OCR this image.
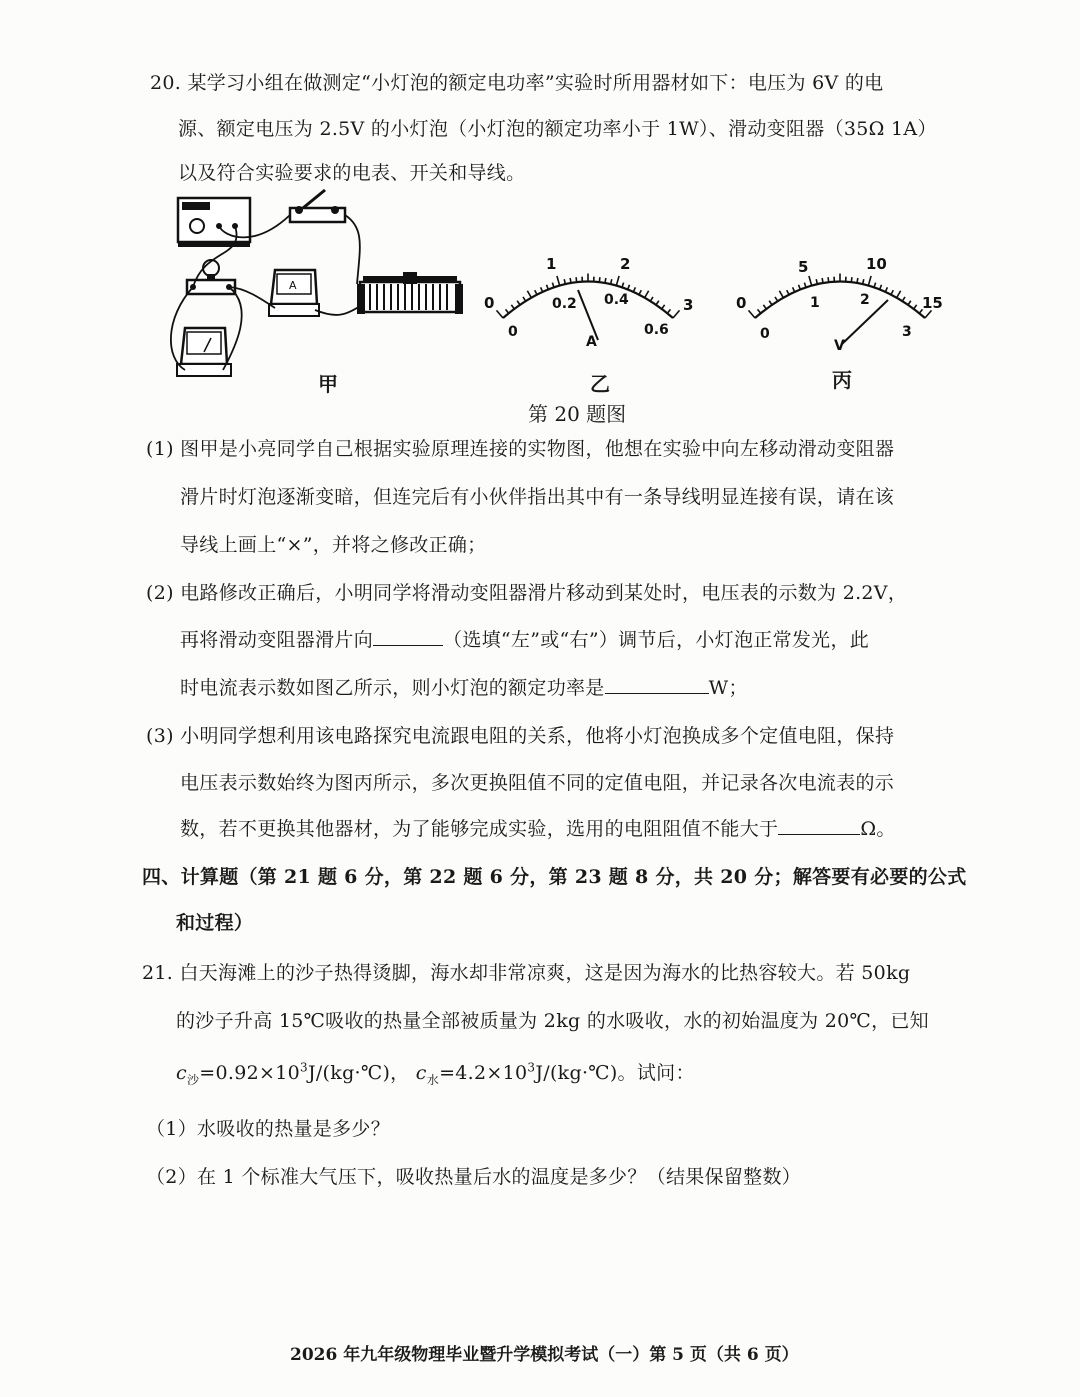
20. 某学习小组在做测定“小灯泡的额定电功率”实验时所用器材如下：电压为 6V 的电
源、额定电压为 2.5V 的小灯泡（小灯泡的额定功率小于 1W）、滑动变阻器（35Ω 1A）
以及符合实验要求的电表、开关和导线。
A
甲
0
1	2
3
0
0.2 0.4
0.6
A
乙
0
5	10
15
0
1	2
3
V
丙
第 20 题图
(1) 图甲是小亮同学自己根据实验原理连接的实物图，他想在实验中向左移动滑动变阻器
滑片时灯泡逐渐变暗，但连完后有小伙伴指出其中有一条导线明显连接有误，请在该
导线上画上“×”，并将之修改正确；
(2) 电路修改正确后，小明同学将滑动变阻器滑片移动到某处时，电压表的示数为 2.2V，
再将滑动变阻器滑片向	（选填“左”或“右”）调节后，小灯泡正常发光，此
时电流表示数如图乙所示，则小灯泡的额定功率是	W；
(3) 小明同学想利用该电路探究电流跟电阻的关系，他将小灯泡换成多个定值电阻，保持
电压表示数始终为图丙所示，多次更换阻值不同的定值电阻，并记录各次电流表的示
数，若不更换其他器材，为了能够完成实验，选用的电阻阻值不能大于	Ω。
四、计算题（第 21 题 6 分，第 22 题 6 分，第 23 题 8 分，共 20 分；解答要有必要的公式
和过程）
21. 白天海滩上的沙子热得烫脚，海水却非常凉爽，这是因为海水的比热容较大。若 50kg
的沙子升高 15℃吸收的热量全部被质量为 2kg 的水吸收，水的初始温度为 20℃，已知
$c_沙=0.92\times 10^3J/(kg\cdot℃)$， $c_水=4.2\times 10^3J/(kg\cdot℃)$。试问：
（1）水吸收的热量是多少？
（2）在 1 个标准大气压下，吸收热量后水的温度是多少？（结果保留整数）
2026 年九年级物理毕业暨升学模拟考试（一）第 5 页（共 6 页）
